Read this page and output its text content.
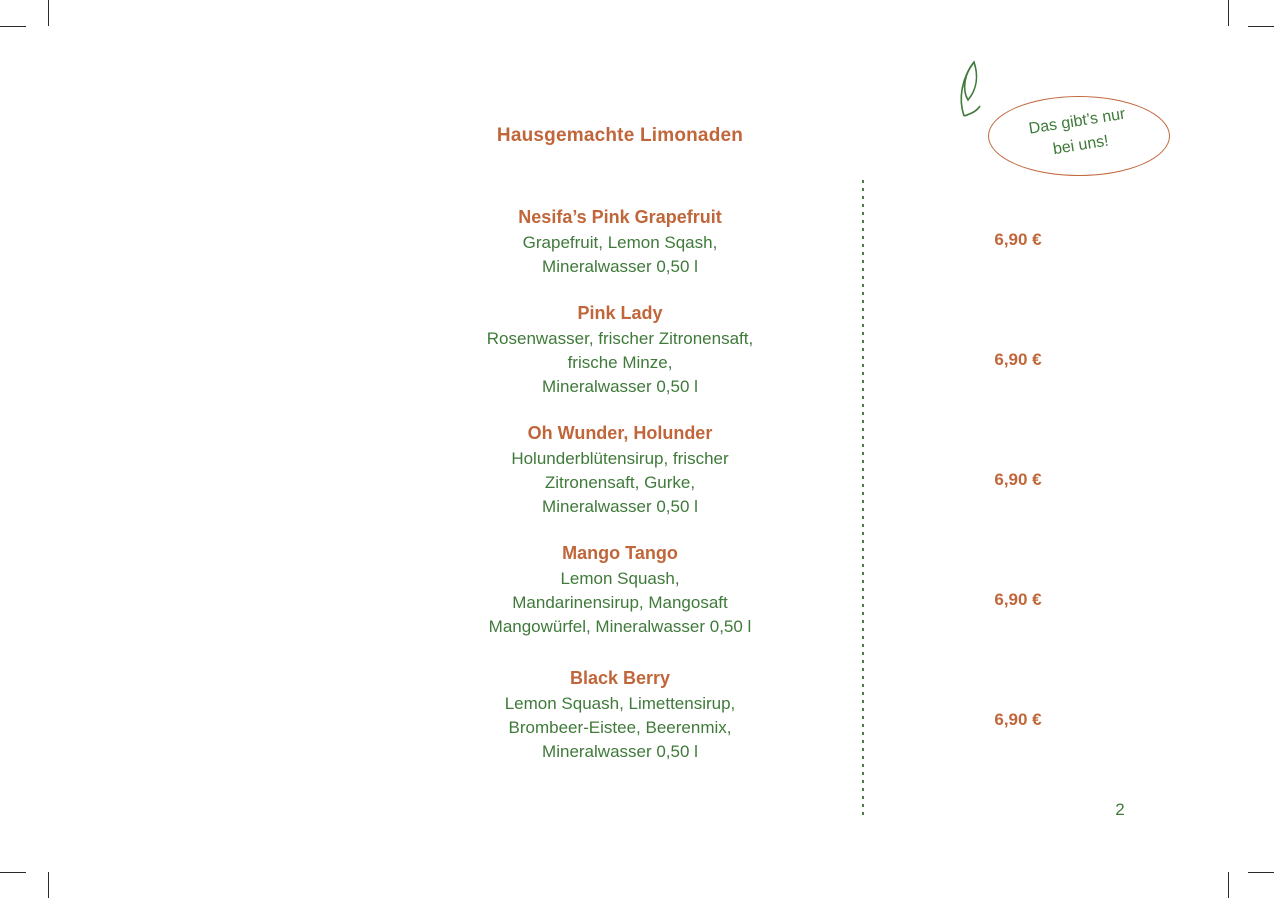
Hausgemachte Limonaden	Das gibt’s nur
bei uns!
Nesifa’s Pink Grapefruit
Grapefruit, Lemon Sqash,
Mineralwasser 0,50 l
6,90 €
Pink Lady
Rosenwasser, frischer Zitronensaft,
frische Minze,
Mineralwasser 0,50 l
6,90 €
Oh Wunder, Holunder
Holunderblütensirup, frischer
Zitronensaft, Gurke,
Mineralwasser 0,50 l
6,90 €
Mango Tango
Lemon Squash,
Mandarinensirup, Mangosaft
Mangowürfel, Mineralwasser 0,50 l
6,90 €
Black Berry
Lemon Squash, Limettensirup,
Brombeer-Eistee, Beerenmix,
Mineralwasser 0,50 l
6,90 €
2
